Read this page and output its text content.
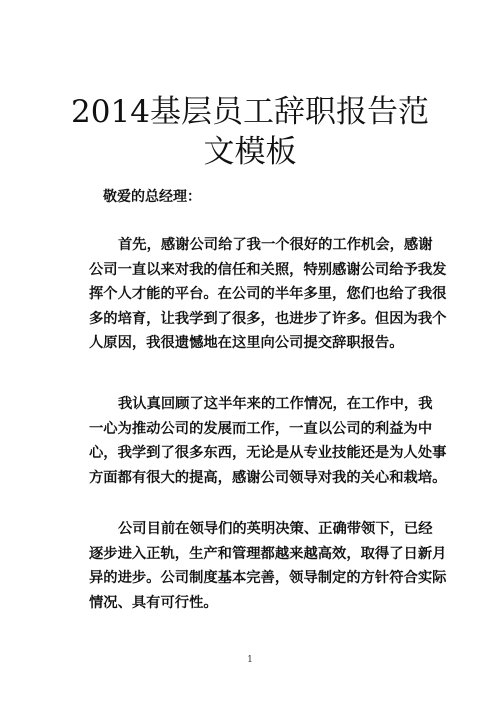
2014基层员工辞职报告范
文模板

敬爱的总经理：

首先，感谢公司给了我一个很好的工作机会，感谢
公司一直以来对我的信任和关照，特别感谢公司给予我发
挥个人才能的平台。在公司的半年多里，您们也给了我很
多的培育，让我学到了很多，也进步了许多。但因为我个
人原因，我很遗憾地在这里向公司提交辞职报告。
我认真回顾了这半年来的工作情况，在工作中，我
一心为推动公司的发展而工作，一直以公司的利益为中
心，我学到了很多东西，无论是从专业技能还是为人处事
方面都有很大的提高，感谢公司领导对我的关心和栽培。
公司目前在领导们的英明决策、正确带领下，已经
逐步进入正轨，生产和管理都越来越高效，取得了日新月
异的进步。公司制度基本完善，领导制定的方针符合实际
情况、具有可行性。

1
